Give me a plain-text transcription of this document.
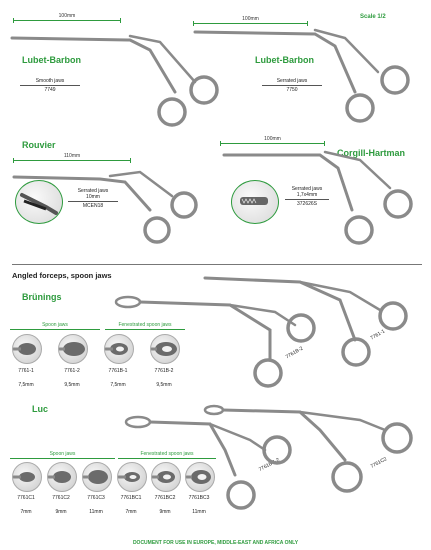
Scale 1/2
100mm
Lubet-Barbon
Smooth jaws
7749
100mm
Lubet-Barbon
Serrated jaws
7750
Rouvier
110mm
Serrated jaws
10mm
MCEN18
100mm
Corgill-Hartman
Serrated jaws
1,7x4mm
372626S
Angled forceps, spoon jaws
Brünings
Spoon jaws	Fenestrated spoon jaws
7761-1	7761-2	7761B-1	7761B-2
7,5mm	9,5mm	7,5mm	9,5mm
7761B-2
7761-1
Luc
Spoon jaws	Fenestrated spoon jaws
7761C1	7761C2	7761C3	7761BC1	7761BC2	7761BC3
7mm	9mm	11mm	7mm	9mm	11mm
7761BC-2	7761C2
DOCUMENT FOR USE IN EUROPE, MIDDLE-EAST AND AFRICA ONLY
